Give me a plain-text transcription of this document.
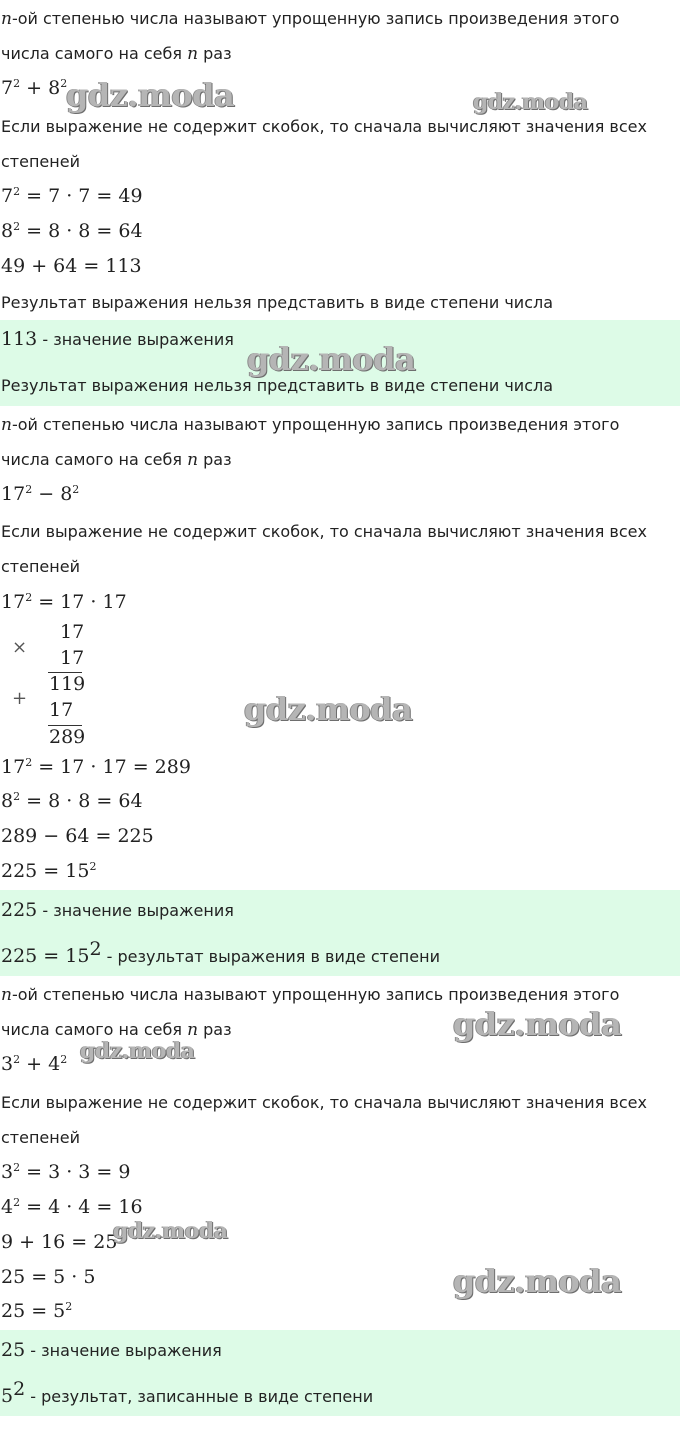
n-ой степенью числа называют упрощенную запись произведения этого
числа самого на себя n раз
$7^2 + 8^2$
Если выражение не содержит скобок, то сначала вычисляют значения всех
степеней
$7^2 = 7 \cdot 7 = 49$
$8^2 = 8 \cdot 8 = 64$
49 + 64 = 113
Результат выражения нельзя представить в виде степени числа
113 - значение выражения
Результат выражения нельзя представить в виде степени числа
n-ой степенью числа называют упрощенную запись произведения этого
числа самого на себя n раз
$17^2 - 8^2$
Если выражение не содержит скобок, то сначала вычисляют значения всех
степеней
$17^2 = 17 \cdot 17$
×
+
17
17
119
17
289
$17^2 = 17 \cdot 17 = 289$
$8^2 = 8 \cdot 8 = 64$
289 − 64 = 225
$225 = 15^2$
225 - значение выражения
$225 = 15^2$ - результат выражения в виде степени
n-ой степенью числа называют упрощенную запись произведения этого
числа самого на себя n раз
$3^2 + 4^2$
Если выражение не содержит скобок, то сначала вычисляют значения всех
степеней
$3^2 = 3 \cdot 3 = 9$
$4^2 = 4 \cdot 4 = 16$
9 + 16 = 25
25 = 5 · 5
$25 = 5^2$
25 - значение выражения
$5^2$ - результат, записанные в виде степени
gdz.moda	gdz.moda
gdz.moda
gdz.moda
gdz.moda
gdz.moda
gdz.moda
gdz.moda
